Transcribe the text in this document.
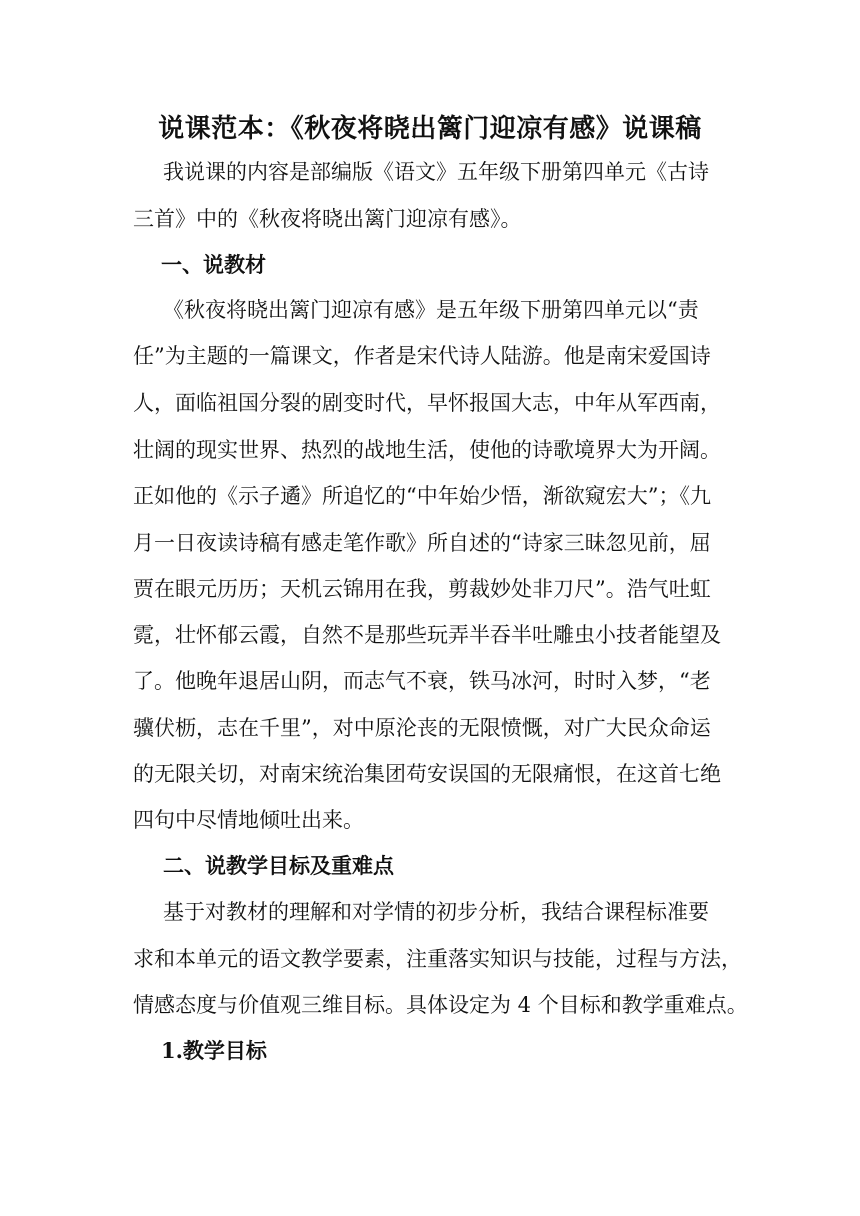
说课范本：《秋夜将晓出篱门迎凉有感》说课稿
我说课的内容是部编版《语文》五年级下册第四单元《古诗
三首》中的《秋夜将晓出篱门迎凉有感》。
一、说教材
《秋夜将晓出篱门迎凉有感》是五年级下册第四单元以“责
任”为主题的一篇课文，作者是宋代诗人陆游。他是南宋爱国诗
人，面临祖国分裂的剧变时代，早怀报国大志，中年从军西南，
壮阔的现实世界、热烈的战地生活，使他的诗歌境界大为开阔。
正如他的《示子遹》所追忆的“中年始少悟，渐欲窥宏大”；《九
月一日夜读诗稿有感走笔作歌》所自述的“诗家三昧忽见前，屈
贾在眼元历历；天机云锦用在我，剪裁妙处非刀尺”。浩气吐虹
霓，壮怀郁云霞，自然不是那些玩弄半吞半吐雕虫小技者能望及
了。他晚年退居山阴，而志气不衰，铁马冰河，时时入梦，“老
骥伏枥，志在千里”，对中原沦丧的无限愤慨，对广大民众命运
的无限关切，对南宋统治集团苟安误国的无限痛恨，在这首七绝
四句中尽情地倾吐出来。
二、说教学目标及重难点
基于对教材的理解和对学情的初步分析，我结合课程标准要
求和本单元的语文教学要素，注重落实知识与技能，过程与方法，
情感态度与价值观三维目标。具体设定为 4 个目标和教学重难点。
1.教学目标
